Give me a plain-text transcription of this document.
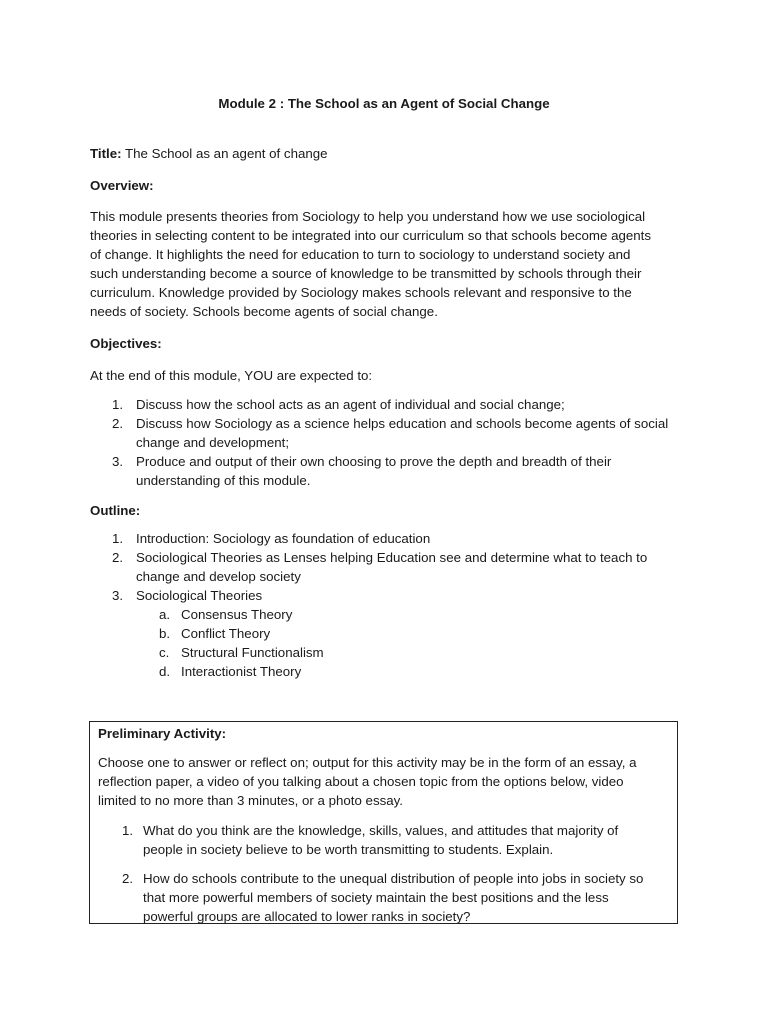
Module 2 : The School as an Agent of Social Change
Title: The School as an agent of change
Overview:
This module presents theories from Sociology to help you understand how we use sociological
theories in selecting content to be integrated into our curriculum so that schools become agents
of change. It highlights the need for education to turn to sociology to understand society and
such understanding become a source of knowledge to be transmitted by schools through their
curriculum. Knowledge provided by Sociology makes schools relevant and responsive to the
needs of society. Schools become agents of social change.
Objectives:
At the end of this module, YOU are expected to:
1. Discuss how the school acts as an agent of individual and social change;
2. Discuss how Sociology as a science helps education and schools become agents of social
change and development;
3. Produce and output of their own choosing to prove the depth and breadth of their
understanding of this module.
Outline:
1. Introduction: Sociology as foundation of education
2. Sociological Theories as Lenses helping Education see and determine what to teach to
change and develop society
3. Sociological Theories
a. Consensus Theory
b. Conflict Theory
c. Structural Functionalism
d. Interactionist Theory
Preliminary Activity:
Choose one to answer or reflect on; output for this activity may be in the form of an essay, a
reflection paper, a video of you talking about a chosen topic from the options below, video
limited to no more than 3 minutes, or a photo essay.
1. What do you think are the knowledge, skills, values, and attitudes that majority of
people in society believe to be worth transmitting to students. Explain.
2. How do schools contribute to the unequal distribution of people into jobs in society so
that more powerful members of society maintain the best positions and the less
powerful groups are allocated to lower ranks in society?
